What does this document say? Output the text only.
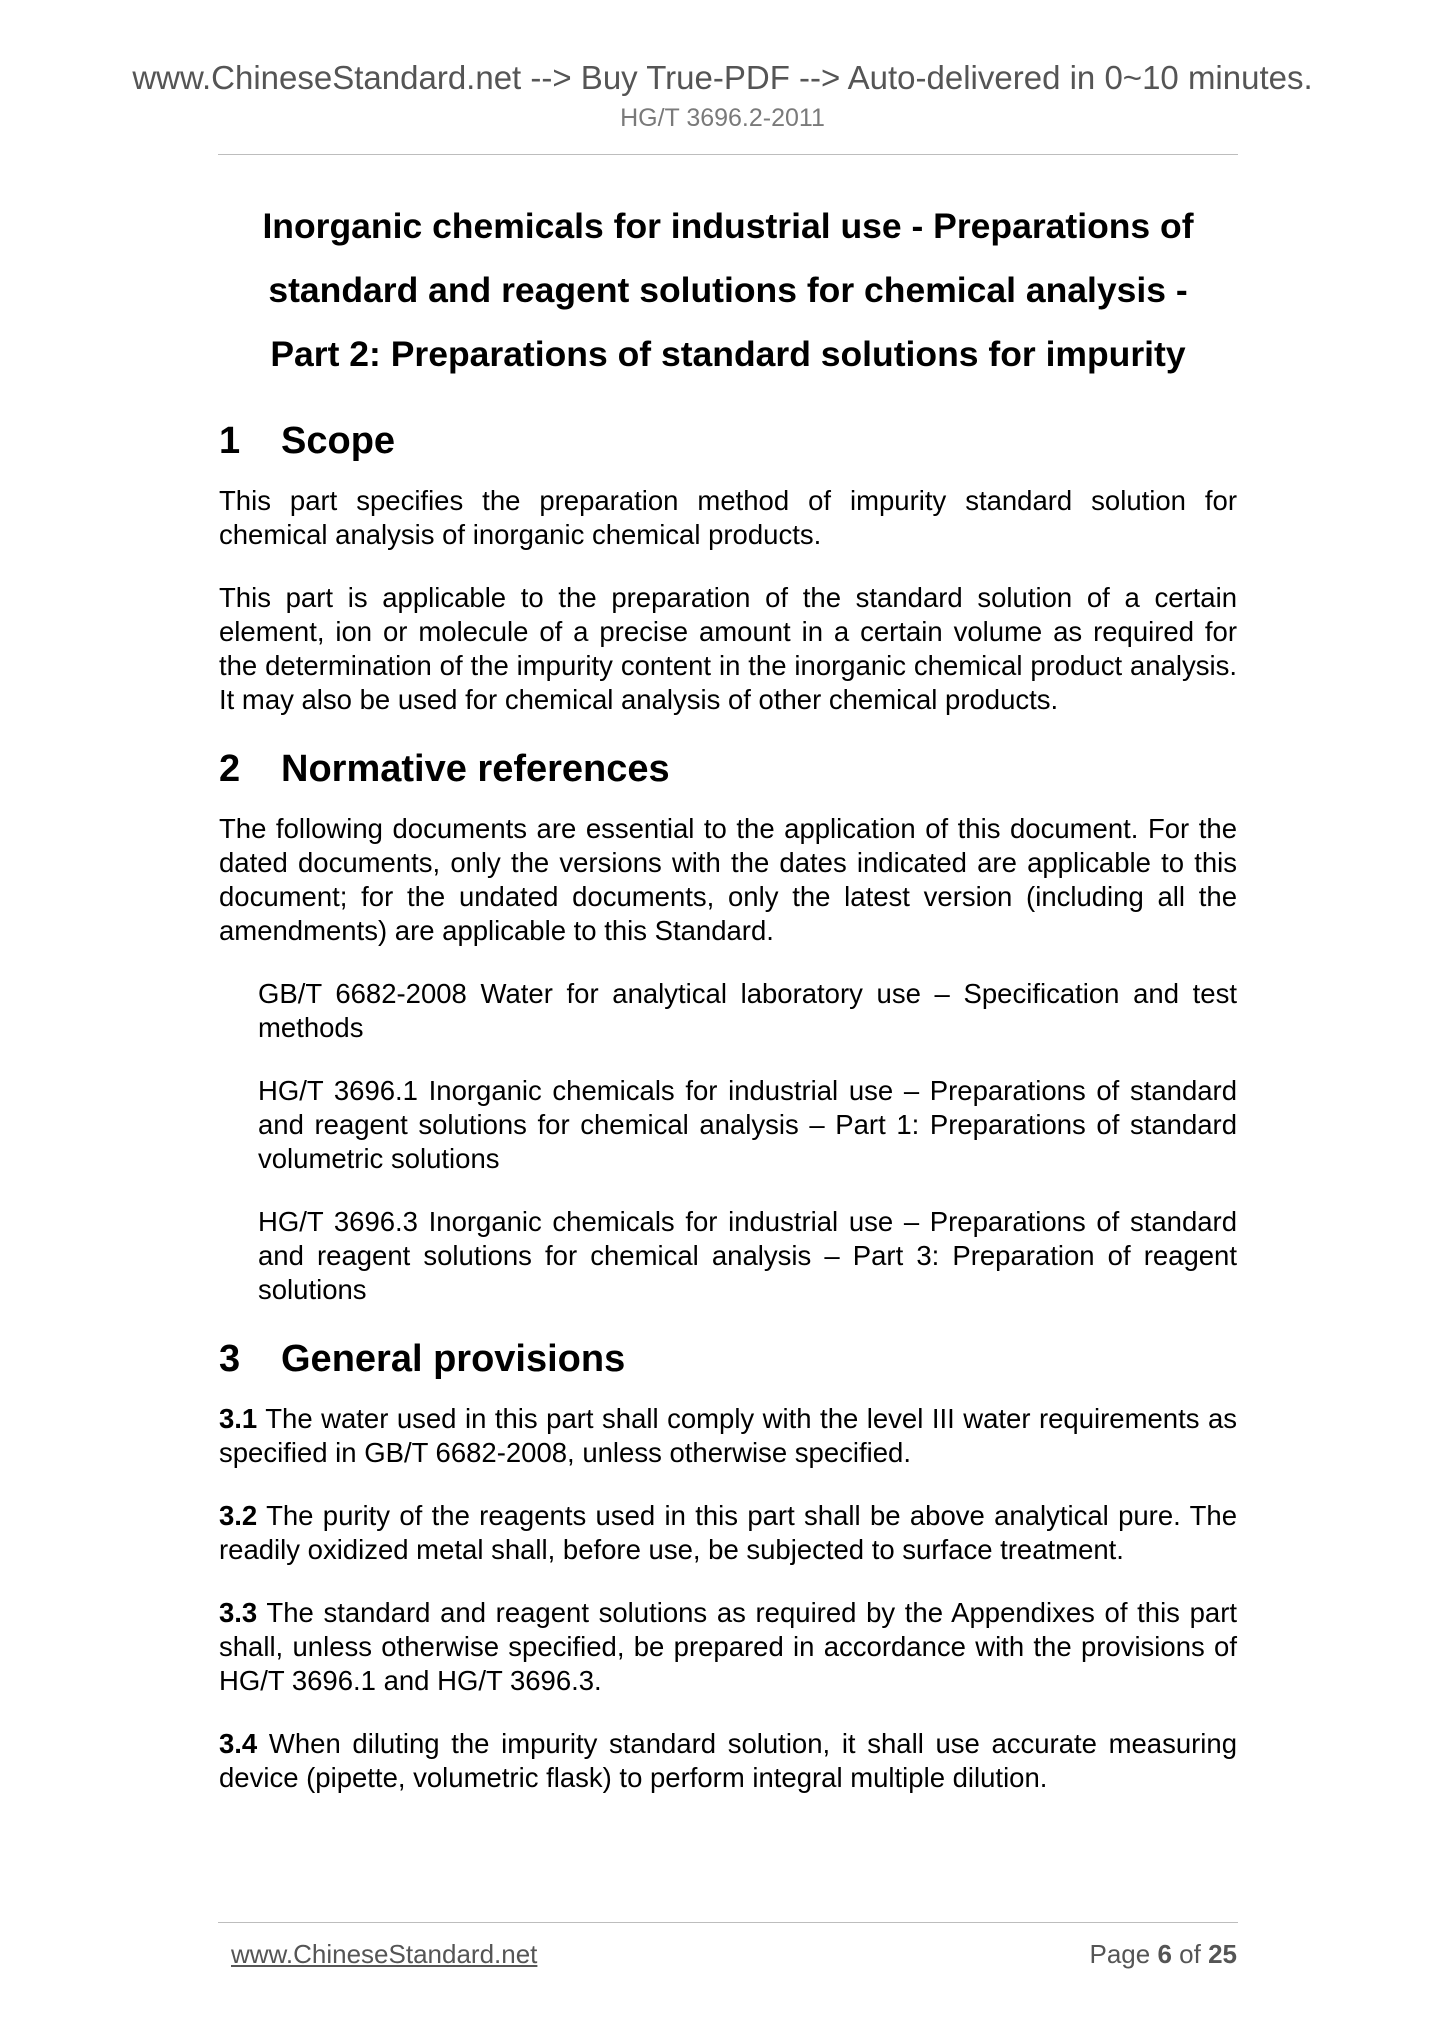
www.ChineseStandard.net --> Buy True-PDF --> Auto-delivered in 0~10 minutes.
HG/T 3696.2-2011

Inorganic chemicals for industrial use - Preparations of

standard and reagent solutions for chemical analysis -

Part 2: Preparations of standard solutions for impurity

1	Scope

This part specifies the preparation method of impurity standard solution for chemical analysis of inorganic chemical products.

This part is applicable to the preparation of the standard solution of a certain element, ion or molecule of a precise amount in a certain volume as required for the determination of the impurity content in the inorganic chemical product analysis. It may also be used for chemical analysis of other chemical products.

2	Normative references

The following documents are essential to the application of this document. For the dated documents, only the versions with the dates indicated are applicable to this document; for the undated documents, only the latest version (including all the amendments) are applicable to this Standard.

GB/T 6682-2008 Water for analytical laboratory use – Specification and test methods

HG/T 3696.1 Inorganic chemicals for industrial use – Preparations of standard and reagent solutions for chemical analysis – Part 1: Preparations of standard volumetric solutions

HG/T 3696.3 Inorganic chemicals for industrial use – Preparations of standard and reagent solutions for chemical analysis – Part 3: Preparation of reagent solutions

3	General provisions

3.1 The water used in this part shall comply with the level III water requirements as specified in GB/T 6682-2008, unless otherwise specified.

3.2 The purity of the reagents used in this part shall be above analytical pure. The readily oxidized metal shall, before use, be subjected to surface treatment.

3.3 The standard and reagent solutions as required by the Appendixes of this part shall, unless otherwise specified, be prepared in accordance with the provisions of HG/T 3696.1 and HG/T 3696.3.

3.4 When diluting the impurity standard solution, it shall use accurate measuring device (pipette, volumetric flask) to perform integral multiple dilution.

www.ChineseStandard.net	Page 6 of 25
